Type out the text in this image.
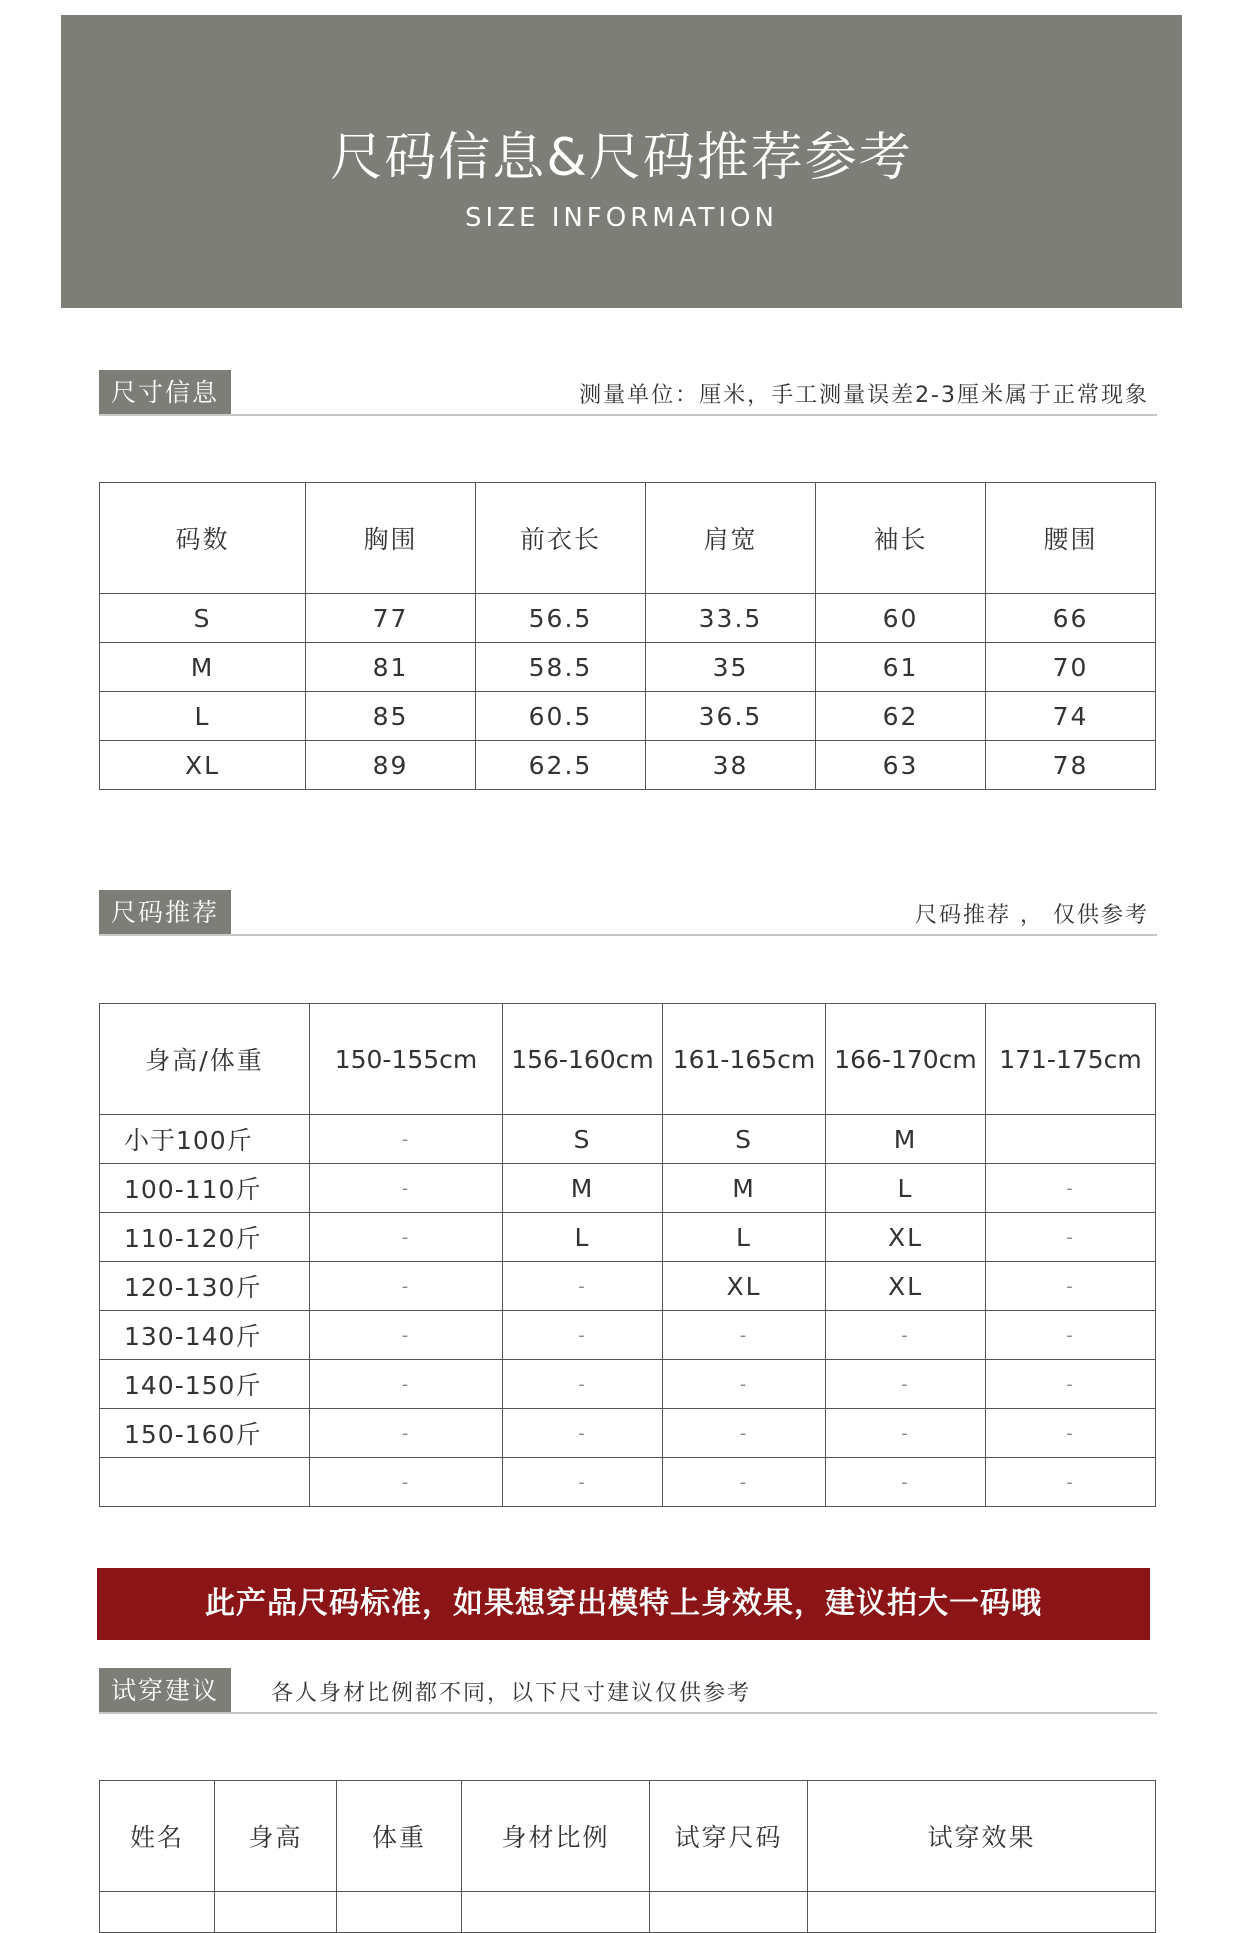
尺码信息&尺码推荐参考
SIZE INFORMATION
尺寸信息	测量单位：厘米，手工测量误差2-3厘米属于正常现象
码数	胸围	前衣长	肩宽	袖长	腰围
S	77	56.5	33.5	60	66
M	81	58.5	35	61	70
L	85	60.5	36.5	62	74
XL	89	62.5	38	63	78
尺码推荐	尺码推荐 ， 仅供参考
身高/体重	150-155cm	156-160cm	161-165cm	166-170cm	171-175cm
小于100斤	-	S	S	M	
100-110斤	-	M	M	L	-
110-120斤	-	L	L	XL	-
120-130斤	-	-	XL	XL	-
130-140斤	-	-	-	-	-
140-150斤	-	-	-	-	-
150-160斤	-	-	-	-	-
	-	-	-	-	-
此产品尺码标准，如果想穿出模特上身效果，建议拍大一码哦
试穿建议	各人身材比例都不同，以下尺寸建议仅供参考
姓名	身高	体重	身材比例	试穿尺码	试穿效果
